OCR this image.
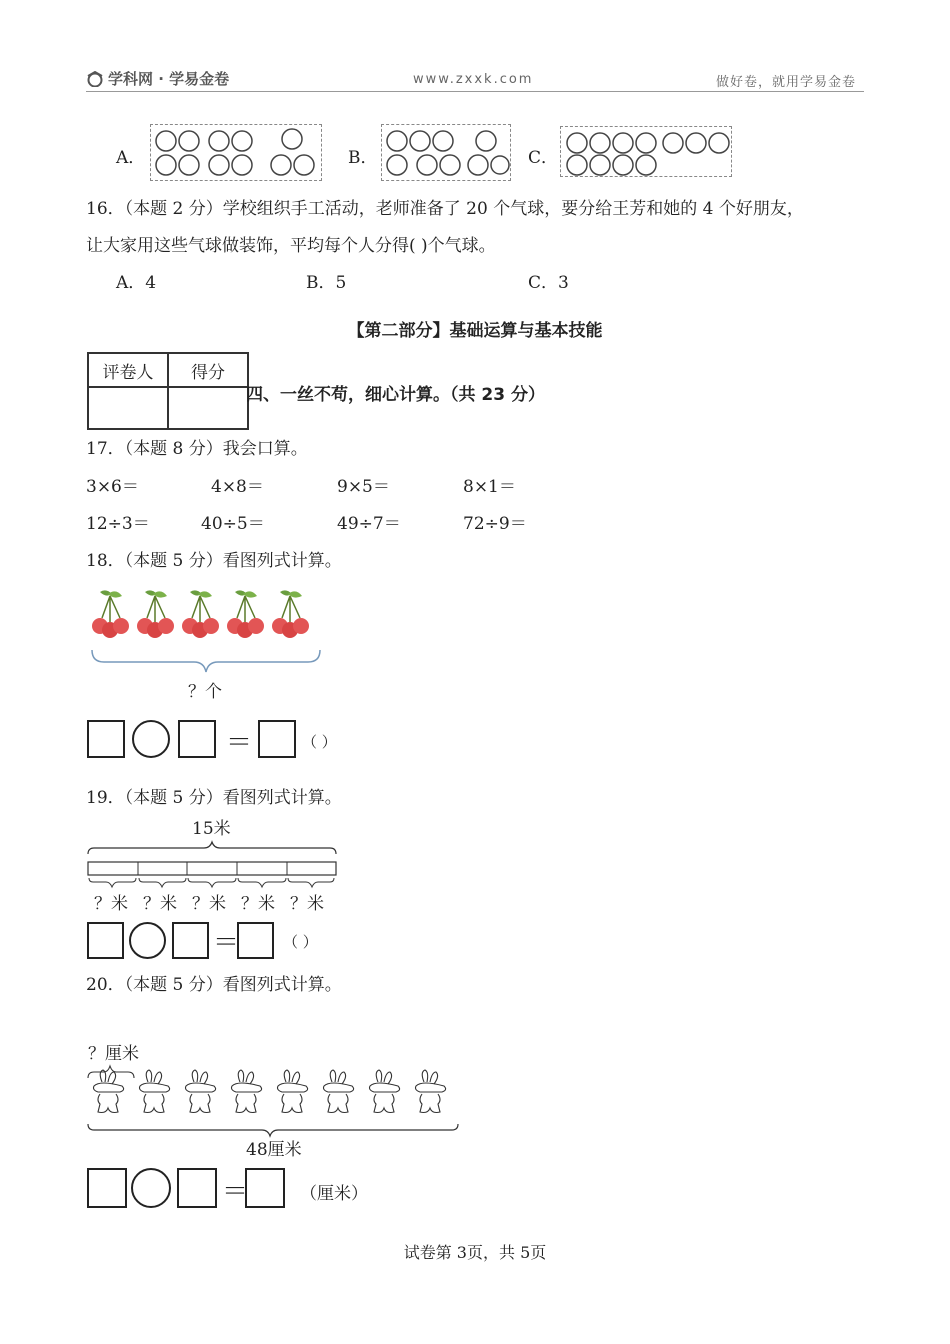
学科网 · 学易金卷	www.zxxk.com	做好卷，就用学易金卷
A．	B．	C．
16．（本题 2 分）学校组织手工活动，老师准备了 20 个气球，要分给王芳和她的 4 个好朋友，
让大家用这些气球做装饰，平均每个人分得( )个气球。
A．4	B．5	C．3
【第二部分】基础运算与基本技能
评卷人	得分

四、一丝不苟，细心计算。（共 23 分）
17．（本题 8 分）我会口算。
3×6＝	4×8＝	9×5＝	8×1＝
12÷3＝	40÷5＝	49÷7＝	72÷9＝
18．（本题 5 分）看图列式计算。
？个
＝	（ ）
19．（本题 5 分）看图列式计算。
15米
？米 ？米 ？米 ？米 ？米
＝	（ ）
20．（本题 5 分）看图列式计算。
？厘米
48厘米
＝	（厘米）
试卷第 3页，共 5页
